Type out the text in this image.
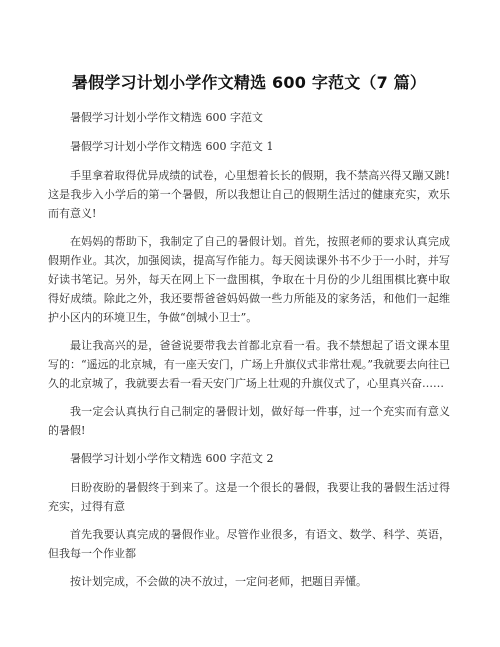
暑假学习计划小学作文精选 600 字范文（7 篇）

暑假学习计划小学作文精选 600 字范文

暑假学习计划小学作文精选 600 字范文 1

手里拿着取得优异成绩的试卷，心里想着长长的假期，我不禁高兴得又蹦又跳!这是我步入小学后的第一个暑假，所以我想让自己的假期生活过的健康充实，欢乐而有意义!

在妈妈的帮助下，我制定了自己的暑假计划。首先，按照老师的要求认真完成假期作业。其次，加强阅读，提高写作能力。每天阅读课外书不少于一小时，并写好读书笔记。另外，每天在网上下一盘围棋，争取在十月份的少儿组围棋比赛中取得好成绩。除此之外，我还要帮爸爸妈妈做一些力所能及的家务活，和他们一起维护小区内的环境卫生，争做“创城小卫士”。

最让我高兴的是，爸爸说要带我去首都北京看一看。我不禁想起了语文课本里写的：“遥远的北京城，有一座天安门，广场上升旗仪式非常壮观。”我就要去向往已久的北京城了，我就要去看一看天安门广场上壮观的升旗仪式了，心里真兴奋……

我一定会认真执行自己制定的暑假计划，做好每一件事，过一个充实而有意义的暑假!

暑假学习计划小学作文精选 600 字范文 2

日盼夜盼的暑假终于到来了。这是一个很长的暑假，我要让我的暑假生活过得充实，过得有意

首先我要认真完成的暑假作业。尽管作业很多，有语文、数学、科学、英语，但我每一个作业都

按计划完成，不会做的决不放过，一定问老师，把题目弄懂。
